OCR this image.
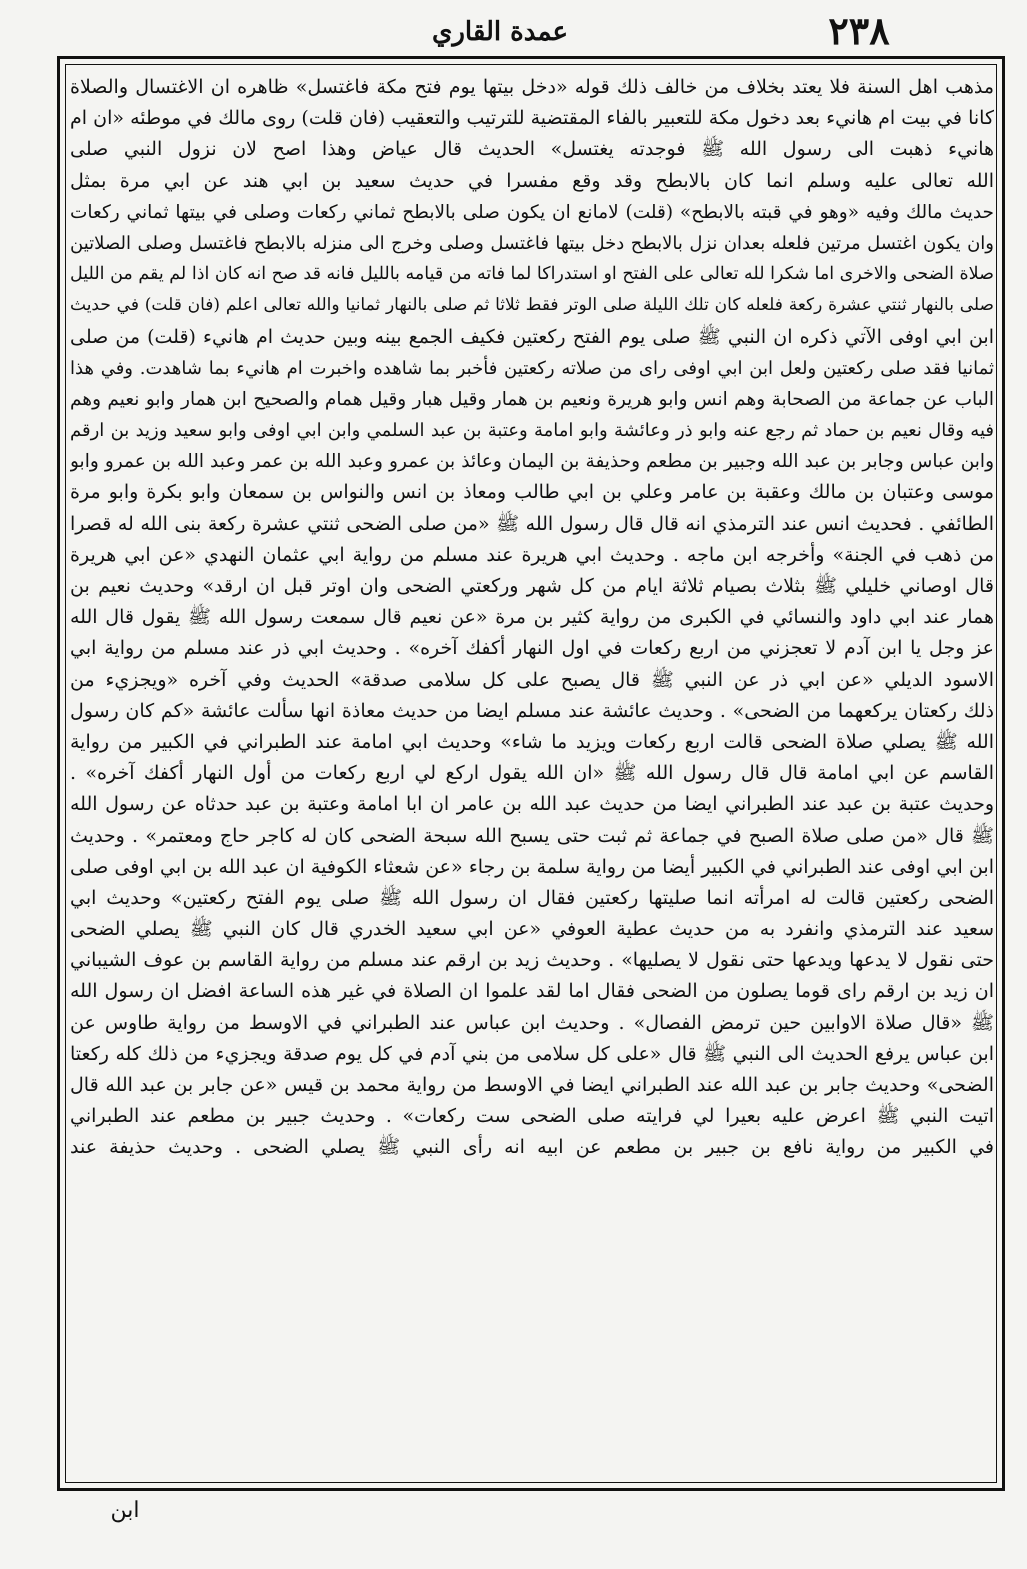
٢٣٨
عمدة القاري
مذهب اهل السنة فلا يعتد بخلاف من خالف ذلك قوله «دخل بيتها يوم فتح مكة فاغتسل» ظاهره ان الاغتسال والصلاة
كانا في بيت ام هانيء بعد دخول مكة للتعبير بالفاء المقتضية للترتيب والتعقيب (فان قلت) روى مالك في موطئه «ان ام
هانيء ذهبت الى رسول الله ﷺ فوجدته يغتسل» الحديث قال عياض وهذا اصح لان نزول النبي صلى
الله تعالى عليه وسلم انما كان بالابطح وقد وقع مفسرا في حديث سعيد بن ابي هند عن ابي مرة بمثل
حديث مالك وفيه «وهو في قبته بالابطح» (قلت) لامانع ان يكون صلى بالابطح ثماني ركعات وصلى في بيتها ثماني ركعات
وان يكون اغتسل مرتين فلعله بعدان نزل بالابطح دخل بيتها فاغتسل وصلى وخرج الى منزله بالابطح فاغتسل وصلى الصلاتين
صلاة الضحى والاخرى اما شكرا لله تعالى على الفتح او استدراكا لما فاته من قيامه بالليل فانه قد صح انه كان اذا لم يقم من الليل
صلى بالنهار ثنتي عشرة ركعة فلعله كان تلك الليلة صلى الوتر فقط ثلاثا ثم صلى بالنهار ثمانيا والله تعالى اعلم (فان قلت) في حديث
ابن ابي اوفى الآتي ذكره ان النبي ﷺ صلى يوم الفتح ركعتين فكيف الجمع بينه وبين حديث ام هانيء (قلت) من صلى
ثمانيا فقد صلى ركعتين ولعل ابن ابي اوفى راى من صلاته ركعتين فأخبر بما شاهده واخبرت ام هانيء بما شاهدت. وفي هذا
الباب عن جماعة من الصحابة وهم انس وابو هريرة ونعيم بن همار وقيل هبار وقيل همام والصحيح ابن همار وابو نعيم وهم
فيه وقال نعيم بن حماد ثم رجع عنه وابو ذر وعائشة وابو امامة وعتبة بن عبد السلمي وابن ابي اوفى وابو سعيد وزيد بن ارقم
وابن عباس وجابر بن عبد الله وجبير بن مطعم وحذيفة بن اليمان وعائذ بن عمرو وعبد الله بن عمر وعبد الله بن عمرو وابو
موسى وعتبان بن مالك وعقبة بن عامر وعلي بن ابي طالب ومعاذ بن انس والنواس بن سمعان وابو بكرة وابو مرة
الطائفي . فحديث انس عند الترمذي انه قال قال رسول الله ﷺ «من صلى الضحى ثنتي عشرة ركعة بنى الله له قصرا
من ذهب في الجنة» وأخرجه ابن ماجه . وحديث ابي هريرة عند مسلم من رواية ابي عثمان النهدي «عن ابي هريرة
قال اوصاني خليلي ﷺ بثلاث بصيام ثلاثة ايام من كل شهر وركعتي الضحى وان اوتر قبل ان ارقد» وحديث نعيم بن
همار عند ابي داود والنسائي في الكبرى من رواية كثير بن مرة «عن نعيم قال سمعت رسول الله ﷺ يقول قال الله
عز وجل يا ابن آدم لا تعجزني من اربع ركعات في اول النهار أكفك آخره» . وحديث ابي ذر عند مسلم من رواية ابي
الاسود الديلي «عن ابي ذر عن النبي ﷺ قال يصبح على كل سلامى صدقة» الحديث وفي آخره «ويجزيء من
ذلك ركعتان يركعهما من الضحى» . وحديث عائشة عند مسلم ايضا من حديث معاذة انها سألت عائشة «كم كان رسول
الله ﷺ يصلي صلاة الضحى قالت اربع ركعات ويزيد ما شاء» وحديث ابي امامة عند الطبراني في الكبير من رواية
القاسم عن ابي امامة قال قال رسول الله ﷺ «ان الله يقول اركع لي اربع ركعات من أول النهار أكفك آخره» .
وحديث عتبة بن عبد عند الطبراني ايضا من حديث عبد الله بن عامر ان ابا امامة وعتبة بن عبد حدثاه عن رسول الله
ﷺ قال «من صلى صلاة الصبح في جماعة ثم ثبت حتى يسبح الله سبحة الضحى كان له كاجر حاج ومعتمر» . وحديث
ابن ابي اوفى عند الطبراني في الكبير أيضا من رواية سلمة بن رجاء «عن شعثاء الكوفية ان عبد الله بن ابي اوفى صلى
الضحى ركعتين قالت له امرأته انما صليتها ركعتين فقال ان رسول الله ﷺ صلى يوم الفتح ركعتين» وحديث ابي
سعيد عند الترمذي وانفرد به من حديث عطية العوفي «عن ابي سعيد الخدري قال كان النبي ﷺ يصلي الضحى
حتى نقول لا يدعها ويدعها حتى نقول لا يصليها» . وحديث زيد بن ارقم عند مسلم من رواية القاسم بن عوف الشيباني
ان زيد بن ارقم راى قوما يصلون من الضحى فقال اما لقد علموا ان الصلاة في غير هذه الساعة افضل ان رسول الله
ﷺ «قال صلاة الاوابين حين ترمض الفصال» . وحديث ابن عباس عند الطبراني في الاوسط من رواية طاوس عن
ابن عباس يرفع الحديث الى النبي ﷺ قال «على كل سلامى من بني آدم في كل يوم صدقة ويجزيء من ذلك كله ركعتا
الضحى» وحديث جابر بن عبد الله عند الطبراني ايضا في الاوسط من رواية محمد بن قيس «عن جابر بن عبد الله قال
اتيت النبي ﷺ اعرض عليه بعيرا لي فرايته صلى الضحى ست ركعات» . وحديث جبير بن مطعم عند الطبراني
في الكبير من رواية نافع بن جبير بن مطعم عن ابيه انه رأى النبي ﷺ يصلي الضحى . وحديث حذيفة عند
ابن
